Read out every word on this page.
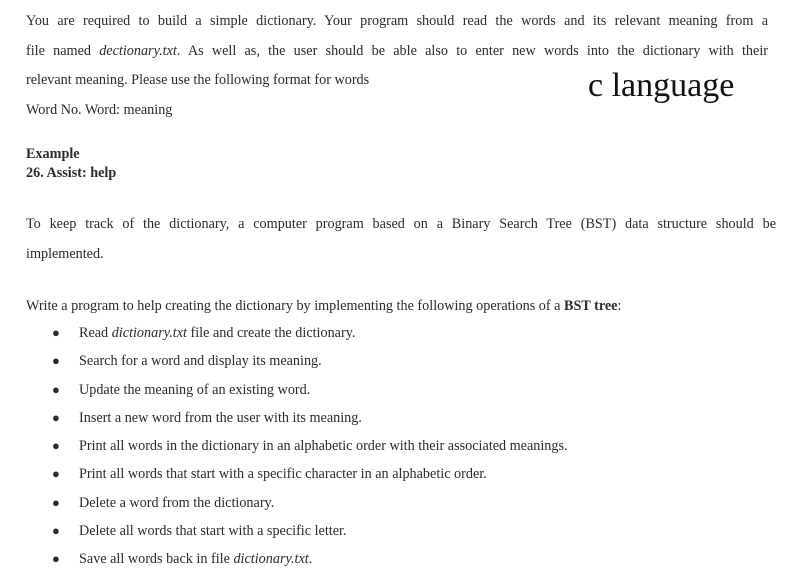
You are required to build a simple dictionary. Your program should read the words and its relevant meaning from a
file named dectionary.txt. As well as, the user should be able also to enter new words into the dictionary with their
relevant meaning. Please use the following format for words
Word No. Word: meaning
c language
Example
26. Assist: help
To keep track of the dictionary, a computer program based on a Binary Search Tree (BST) data structure should be
implemented.
Write a program to help creating the dictionary by implementing the following operations of a BST tree:
● Read dictionary.txt file and create the dictionary.
● Search for a word and display its meaning.
● Update the meaning of an existing word.
● Insert a new word from the user with its meaning.
● Print all words in the dictionary in an alphabetic order with their associated meanings.
● Print all words that start with a specific character in an alphabetic order.
● Delete a word from the dictionary.
● Delete all words that start with a specific letter.
● Save all words back in file dictionary.txt.
